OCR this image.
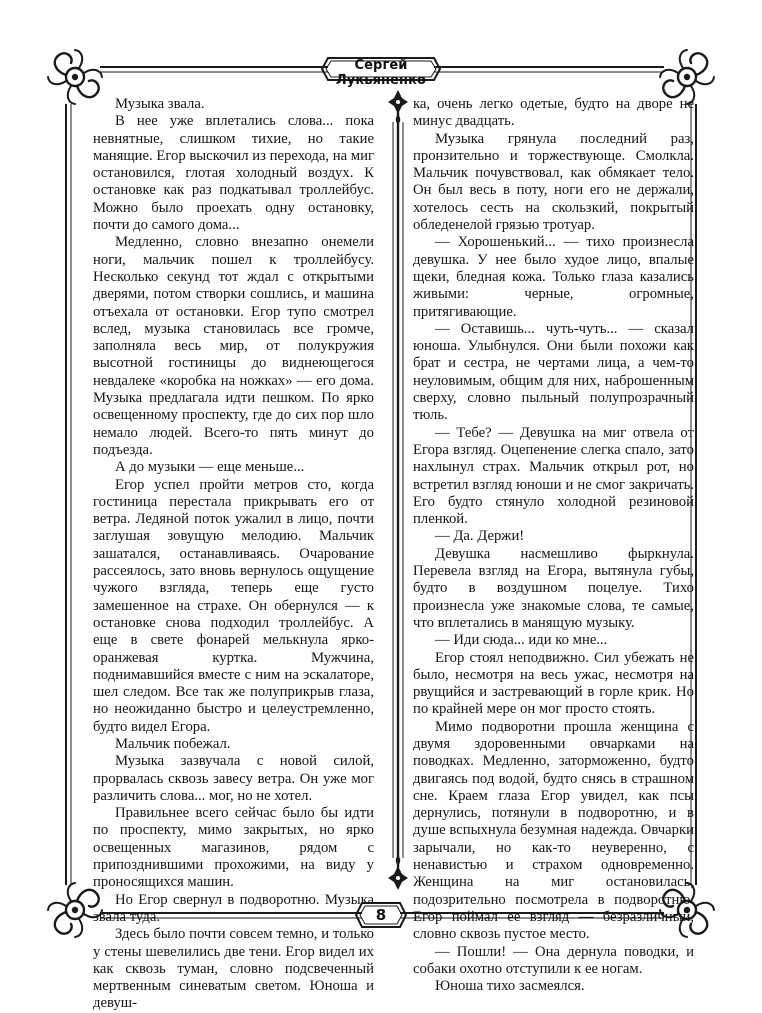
Сергей Лукьяненко
8

Музыка звала.

В нее уже вплетались слова... пока невнятные, слишком тихие, но такие манящие. Егор выскочил из перехода, на миг остановился, глотая холодный воздух. К остановке как раз подкатывал троллейбус. Можно было проехать одну остановку, почти до самого дома...

Медленно, словно внезапно онемели ноги, мальчик пошел к троллейбусу. Несколько секунд тот ждал с открытыми дверями, потом створки сошлись, и машина отъехала от остановки. Егор тупо смотрел вслед, музыка становилась все громче, заполняла весь мир, от полукружия высотной гостиницы до виднеющегося невдалеке «коробка на ножках» — его дома. Музыка предлагала идти пешком. По ярко освещенному проспекту, где до сих пор шло немало людей. Всего-то пять минут до подъезда.

А до музыки — еще меньше...

Егор успел пройти метров сто, когда гостиница перестала прикрывать его от ветра. Ледяной поток ужалил в лицо, почти заглушая зовущую мелодию. Мальчик зашатался, останавливаясь. Очарование рассеялось, зато вновь вернулось ощущение чужого взгляда, теперь еще густо замешенное на страхе. Он обернулся — к остановке снова подходил троллейбус. А еще в свете фонарей мелькнула ярко-оранжевая куртка. Мужчина, поднимавшийся вместе с ним на эскалаторе, шел следом. Все так же полуприкрыв глаза, но неожиданно быстро и целеустремленно, будто видел Егора.

Мальчик побежал.

Музыка зазвучала с новой силой, прорвалась сквозь завесу ветра. Он уже мог различить слова... мог, но не хотел.

Правильнее всего сейчас было бы идти по проспекту, мимо закрытых, но ярко освещенных магазинов, рядом с припозднившими прохожими, на виду у проносящихся машин.

Но Егор свернул в подворотню. Музыка звала туда.

Здесь было почти совсем темно, и только у стены шевелились две тени. Егор видел их как сквозь туман, словно подсвеченный мертвенным синеватым светом. Юноша и девуш-

ка, очень легко одетые, будто на дворе не минус двадцать.

Музыка грянула последний раз, пронзительно и торжествующе. Смолкла. Мальчик почувствовал, как обмякает тело. Он был весь в поту, ноги его не держали, хотелось сесть на скользкий, покрытый обледенелой грязью тротуар.

— Хорошенький... — тихо произнесла девушка. У нее было худое лицо, впалые щеки, бледная кожа. Только глаза казались живыми: черные, огромные, притягивающие.

— Оставишь... чуть-чуть... — сказал юноша. Улыбнулся. Они были похожи как брат и сестра, не чертами лица, а чем-то неуловимым, общим для них, наброшенным сверху, словно пыльный полупрозрачный тюль.

— Тебе? — Девушка на миг отвела от Егора взгляд. Оцепенение слегка спало, зато нахлынул страх. Мальчик открыл рот, но встретил взгляд юноши и не смог закричать. Его будто стянуло холодной резиновой пленкой.

— Да. Держи!

Девушка насмешливо фыркнула. Перевела взгляд на Егора, вытянула губы, будто в воздушном поцелуе. Тихо произнесла уже знакомые слова, те самые, что вплетались в манящую музыку.

— Иди сюда... иди ко мне...

Егор стоял неподвижно. Сил убежать не было, несмотря на весь ужас, несмотря на рвущийся и застревающий в горле крик. Но по крайней мере он мог просто стоять.

Мимо подворотни прошла женщина с двумя здоровенными овчарками на поводках. Медленно, заторможенно, будто двигаясь под водой, будто снясь в страшном сне. Краем глаза Егор увидел, как псы дернулись, потянули в подворотню, и в душе вспыхнула безумная надежда. Овчарки зарычали, но как-то неуверенно, с ненавистью и страхом одновременно. Женщина на миг остановилась, подозрительно посмотрела в подворотню. Егор поймал ее взгляд — безразличный, словно сквозь пустое место.

— Пошли! — Она дернула поводки, и собаки охотно отступили к ее ногам.

Юноша тихо засмеялся.
